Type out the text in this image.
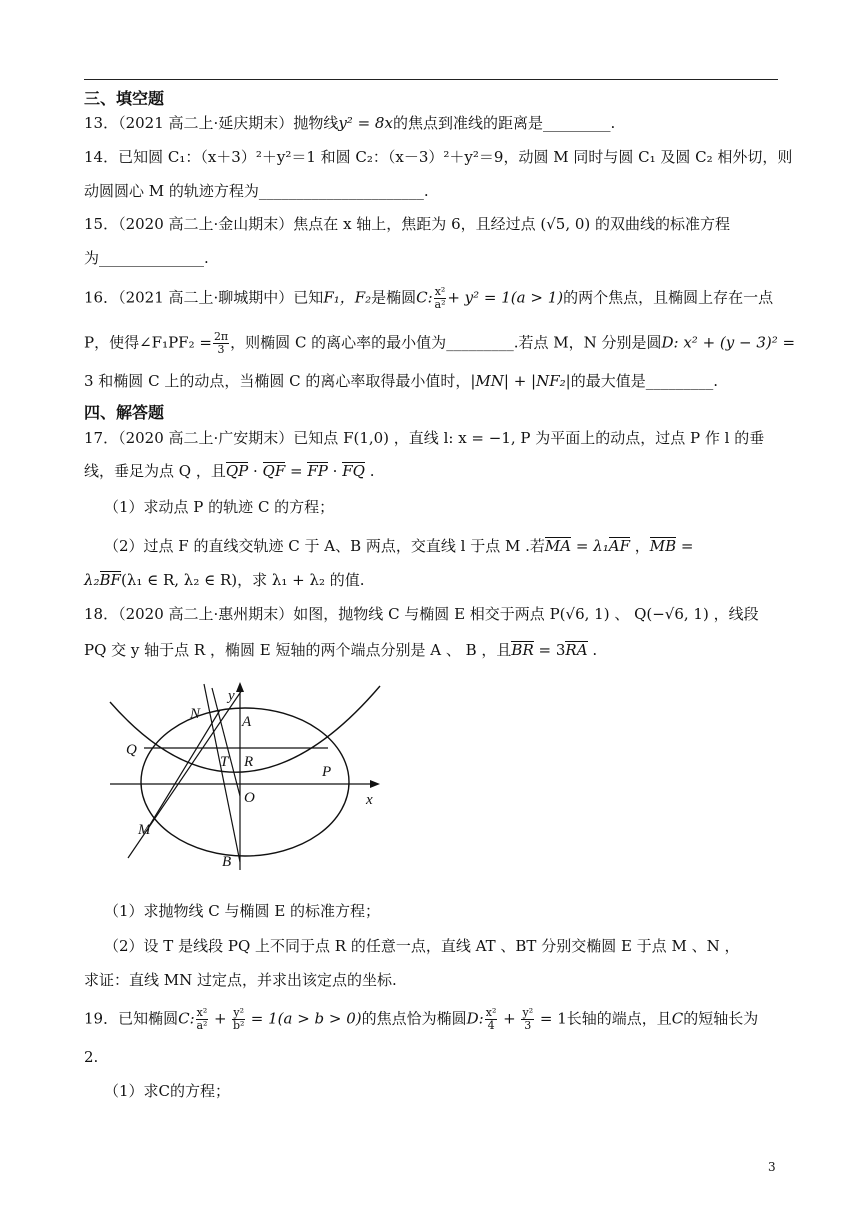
三、填空题
13．（2021 高二上·延庆期末）抛物线y² = 8x的焦点到准线的距离是_________.
14．已知圆 C₁：（x＋3）²＋y²＝1 和圆 C₂：（x－3）²＋y²＝9，动圆 M 同时与圆 C₁ 及圆 C₂ 相外切，则
动圆圆心 M 的轨迹方程为______________________.
15．（2020 高二上·金山期末）焦点在 x 轴上，焦距为 6，且经过点 (√5, 0) 的双曲线的标准方程
为______________.
16．（2021 高二上·聊城期中）已知F₁，F₂是椭圆C: $\frac{\text{x²}}{\text{a²}} + y^2 = 1(a > 1)$的两个焦点，且椭圆上存在一点
P，使得∠F₁PF₂ = $\frac{2\pi}{3}$ ，则椭圆 C 的离心率的最小值为_________.若点 M，N 分别是圆D: x² + (y − 3)² =
3 和椭圆 C 上的动点，当椭圆 C 的离心率取得最小值时，|MN| + |NF₂|的最大值是_________.
四、解答题
17．（2020 高二上·广安期末）已知点 F(1,0) ，直线 l: x = −1, P 为平面上的动点，过点 P 作 l 的垂
线，垂足为点 Q ，且QP · QF = FP · FQ .
（1）求动点 P 的轨迹 C 的方程；
（2）过点 F 的直线交轨迹 C 于 A、B 两点，交直线 l 于点 M .若MA = λ₁AF ，MB =
λ₂BF(λ₁ ∈ R, λ₂ ∈ R)，求 λ₁ + λ₂ 的值.
18．（2020 高二上·惠州期末）如图，抛物线 C 与椭圆 E 相交于两点 P(√6, 1) 、 Q(−√6, 1) ，线段
PQ 交 y 轴于点 R ，椭圆 E 短轴的两个端点分别是 A 、 B ，且BR = 3RA .
N
y
A
Q
T R
P
O	x
M
B
（1）求抛物线 C 与椭圆 E 的标准方程；
（2）设 T 是线段 PQ 上不同于点 R 的任意一点，直线 AT 、BT 分别交椭圆 E 于点 M 、N ，
求证：直线 MN 过定点，并求出该定点的坐标.
19．已知椭圆C: $\frac{\text{x²}}{\text{a²}} + \frac{\text{y²}}{\text{b²}} = 1(a > b > 0)$的焦点恰为椭圆D: $\frac{\text{x²}}{4} + \frac{\text{y²}}{3} = 1$长轴的端点，且C的短轴长为
2.
（1）求C的方程；
3
